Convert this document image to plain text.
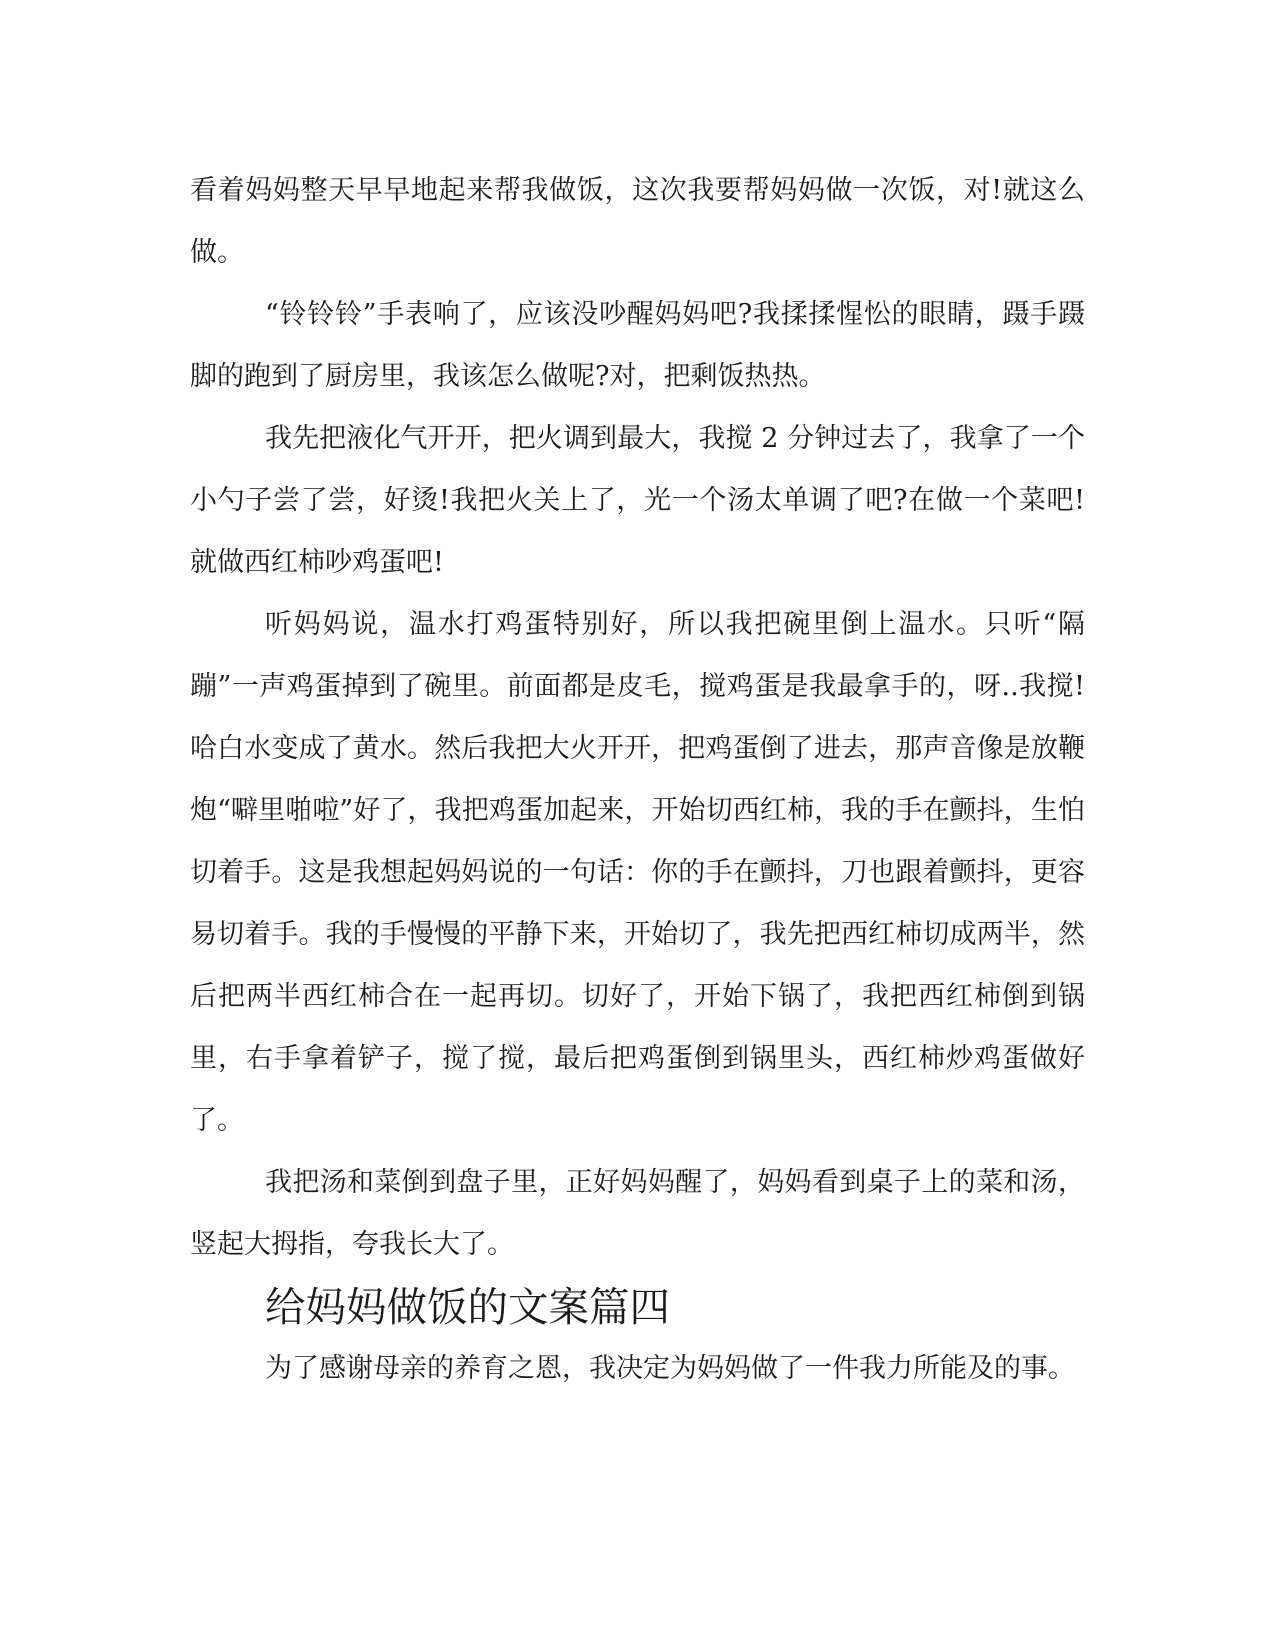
看着妈妈整天早早地起来帮我做饭，这次我要帮妈妈做一次饭，对!就这么做。

“铃铃铃”手表响了，应该没吵醒妈妈吧?我揉揉惺忪的眼睛，蹑手蹑脚的跑到了厨房里，我该怎么做呢?对，把剩饭热热。

我先把液化气开开，把火调到最大，我搅 2 分钟过去了，我拿了一个小勺子尝了尝，好烫!我把火关上了，光一个汤太单调了吧?在做一个菜吧!就做西红柿吵鸡蛋吧!

听妈妈说，温水打鸡蛋特别好，所以我把碗里倒上温水。只听“隔蹦”一声鸡蛋掉到了碗里。前面都是皮毛，搅鸡蛋是我最拿手的，呀..我搅!哈白水变成了黄水。然后我把大火开开，把鸡蛋倒了进去，那声音像是放鞭炮“噼里啪啦”好了，我把鸡蛋加起来，开始切西红柿，我的手在颤抖，生怕切着手。这是我想起妈妈说的一句话：你的手在颤抖，刀也跟着颤抖，更容易切着手。我的手慢慢的平静下来，开始切了，我先把西红柿切成两半，然后把两半西红柿合在一起再切。切好了，开始下锅了，我把西红柿倒到锅里，右手拿着铲子，搅了搅，最后把鸡蛋倒到锅里头，西红柿炒鸡蛋做好了。

我把汤和菜倒到盘子里，正好妈妈醒了，妈妈看到桌子上的菜和汤，竖起大拇指，夸我长大了。

给妈妈做饭的文案篇四

为了感谢母亲的养育之恩，我决定为妈妈做了一件我力所能及的事。
